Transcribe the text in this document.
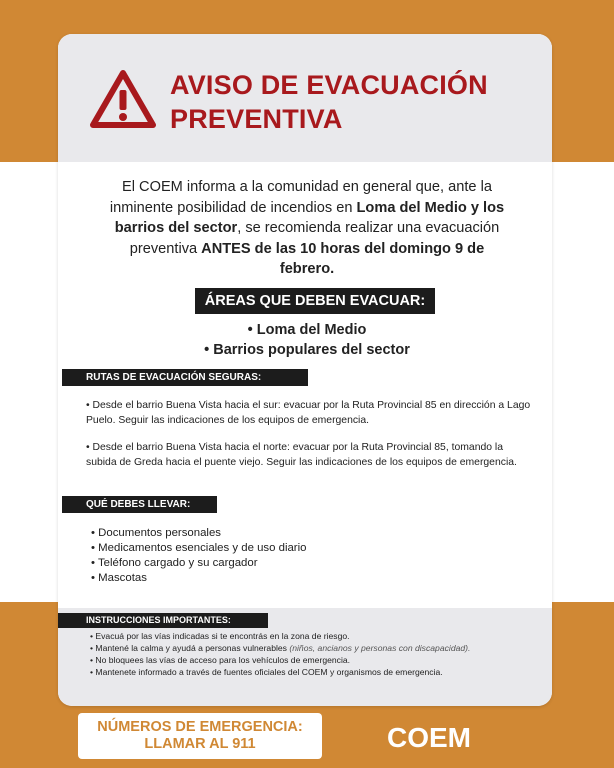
AVISO DE EVACUACIÓN
PREVENTIVA
El COEM informa a la comunidad en general que, ante la inminente posibilidad de incendios en Loma del Medio y los barrios del sector, se recomienda realizar una evacuación preventiva ANTES de las 10 horas del domingo 9 de febrero.
ÁREAS QUE DEBEN EVACUAR:
• Loma del Medio
• Barrios populares del sector
RUTAS DE EVACUACIÓN SEGURAS:
• Desde el barrio Buena Vista hacia el sur: evacuar por la Ruta Provincial 85 en dirección a Lago Puelo. Seguir las indicaciones de los equipos de emergencia.
• Desde el barrio Buena Vista hacia el norte: evacuar por la Ruta Provincial 85, tomando la subida de Greda hacia el puente viejo. Seguir las indicaciones de los equipos de emergencia.
QUÉ DEBES LLEVAR:
• Documentos personales
• Medicamentos esenciales y de uso diario
• Teléfono cargado y su cargador
• Mascotas
INSTRUCCIONES IMPORTANTES:
• Evacuá por las vías indicadas si te encontrás en la zona de riesgo.
• Mantené la calma y ayudá a personas vulnerables (niños, ancianos y personas con discapacidad).
• No bloquees las vías de acceso para los vehículos de emergencia.
• Mantenete informado a través de fuentes oficiales del COEM y organismos de emergencia.
NÚMEROS DE EMERGENCIA:
LLAMAR AL 911	COEM
